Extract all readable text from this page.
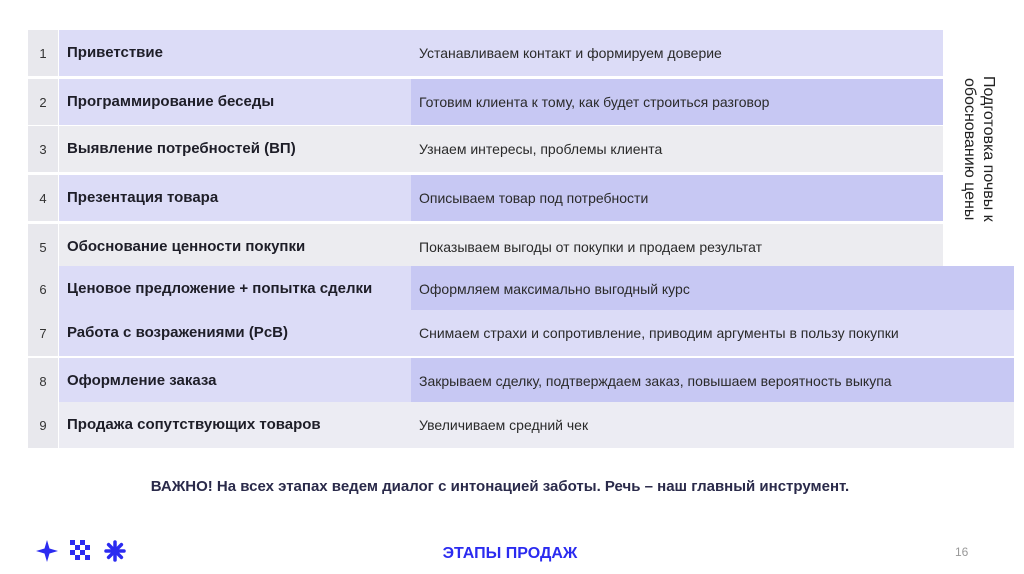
1	Приветствие	Устанавливаем контакт и формируем доверие
2	Программирование беседы	Готовим клиента к тому, как будет строиться разговор
3	Выявление потребностей (ВП)	Узнаем интересы, проблемы клиента
4	Презентация товара	Описываем товар под потребности
5	Обоснование ценности покупки	Показываем выгоды от покупки и продаем результат
6	Ценовое предложение + попытка сделки	Оформляем максимально выгодный курс
7	Работа с возражениями (РсВ)	Снимаем страхи и сопротивление, приводим аргументы в пользу покупки
8	Оформление заказа	Закрываем сделку, подтверждаем заказ, повышаем вероятность выкупа
9	Продажа сопутствующих товаров	Увеличиваем средний чек
Подготовка почвы к обоснованию цены
ВАЖНО! На всех этапах ведем диалог с интонацией заботы. Речь – наш главный инструмент.
ЭТАПЫ ПРОДАЖ	16
